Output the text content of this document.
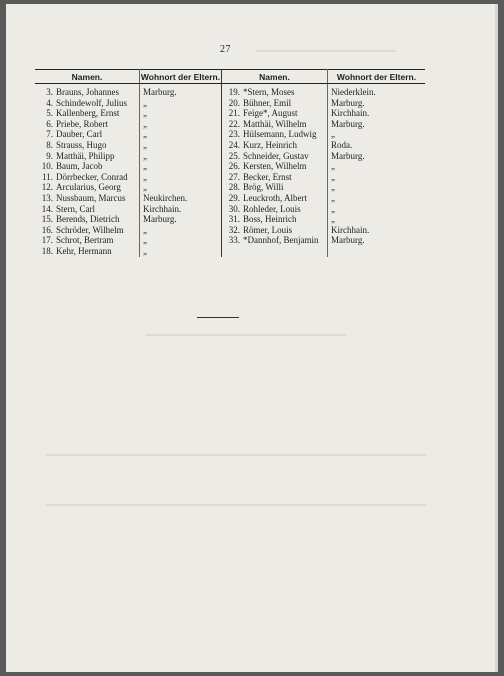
27
Namen.	Wohnort der Eltern.	Namen.	Wohnort der Eltern.
3. Brauns, Johannes	Marburg.	19. *Stern, Moses	Niederklein.
4. Schindewolf, Julius	„	20. Bühner, Emil	Marburg.
5. Kallenberg, Ernst	„	21. Feige*, August	Kirchhain.
6. Priebe, Robert	„	22. Matthäi, Wilhelm	Marburg.
7. Dauber, Carl	„	23. Hülsemann, Ludwig	„
8. Strauss, Hugo	„	24. Kurz, Heinrich	Roda.
9. Matthäi, Philipp	„	25. Schneider, Gustav	Marburg.
10. Baum, Jacob	„	26. Kersten, Wilhelm	„
11. Dörrbecker, Conrad	„	27. Becker, Ernst	„
12. Arcularius, Georg	„	28. Brög, Willi	„
13. Nussbaum, Marcus	Neukirchen.	29. Leuckroth, Albert	„
14. Stern, Carl	Kirchhain.	30. Rohleder, Louis	„
15. Berends, Dietrich	Marburg.	31. Boss, Heinrich	„
16. Schröder, Wilhelm	„	32. Römer, Louis	Kirchhain.
17. Schrot, Bertram	„	33. *Dannhof, Benjamin	Marburg.
18. Kehr, Hermann	„		
